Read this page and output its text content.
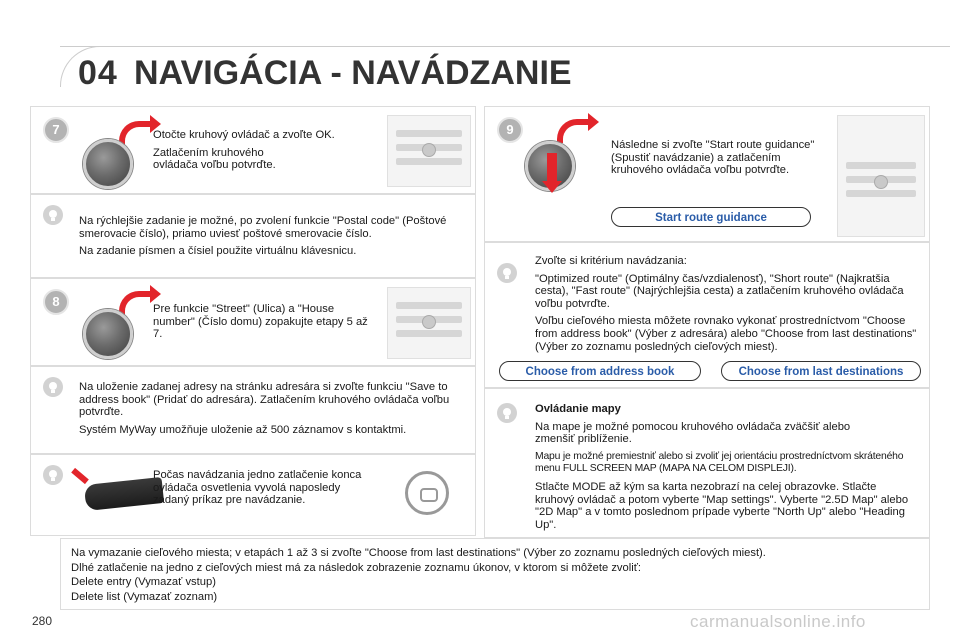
04 NAVIGÁCIA - NAVÁDZANIE
7	Otočte kruhový ovládač a zvoľte OK.

Zatlačením kruhového ovládača voľbu potvrďte.

Na rýchlejšie zadanie je možné, po zvolení funkcie "Postal code" (Poštové smerovacie číslo), priamo uviesť poštové smerovacie číslo.

Na zadanie písmen a čísiel použite virtuálnu klávesnicu.

8	Pre funkcie "Street" (Ulica) a "House number" (Číslo domu) zopakujte etapy 5 až 7.

Na uloženie zadanej adresy na stránku adresára si zvoľte funkciu "Save to address book" (Pridať do adresára). Zatlačením kruhového ovládača voľbu potvrďte.

Systém MyWay umožňuje uloženie až 500 záznamov s kontaktmi.

Počas navádzania jedno zatlačenie konca ovládača osvetlenia vyvolá naposledy zadaný príkaz pre navádzanie.

9

Následne si zvoľte "Start route guidance" (Spustiť navádzanie) a zatlačením kruhového ovládača voľbu potvrďte.

Start route guidance

Zvoľte si kritérium navádzania:

"Optimized route" (Optimálny čas/vzdialenosť), "Short route" (Najkratšia cesta), "Fast route" (Najrýchlejšia cesta) a zatlačením kruhového ovládača voľbu potvrďte.

Voľbu cieľového miesta môžete rovnako vykonať prostredníctvom "Choose from address book" (Výber z adresára) alebo "Choose from last destinations" (Výber zo zoznamu posledných cieľových miest).

Choose from address book	Choose from last destinations

Ovládanie mapy

Na mape je možné pomocou kruhového ovládača zväčšiť alebo zmenšiť priblíženie.

Mapu je možné premiestniť alebo si zvoliť jej orientáciu prostredníctvom skráteného menu FULL SCREEN MAP (MAPA NA CELOM DISPLEJI).

Stlačte MODE až kým sa karta nezobrazí na celej obrazovke. Stlačte kruhový ovládač a potom vyberte "Map settings". Vyberte "2.5D Map" alebo "2D Map" a v tomto poslednom prípade vyberte "North Up" alebo "Heading Up".

Na vymazanie cieľového miesta; v etapách 1 až 3 si zvoľte "Choose from last destinations" (Výber zo zoznamu posledných cieľových miest).

Dlhé zatlačenie na jedno z cieľových miest má za následok zobrazenie zoznamu úkonov, v ktorom si môžete zvoliť:

Delete entry (Vymazať vstup)

Delete list (Vymazať zoznam)

280	carmanualsonline.info
